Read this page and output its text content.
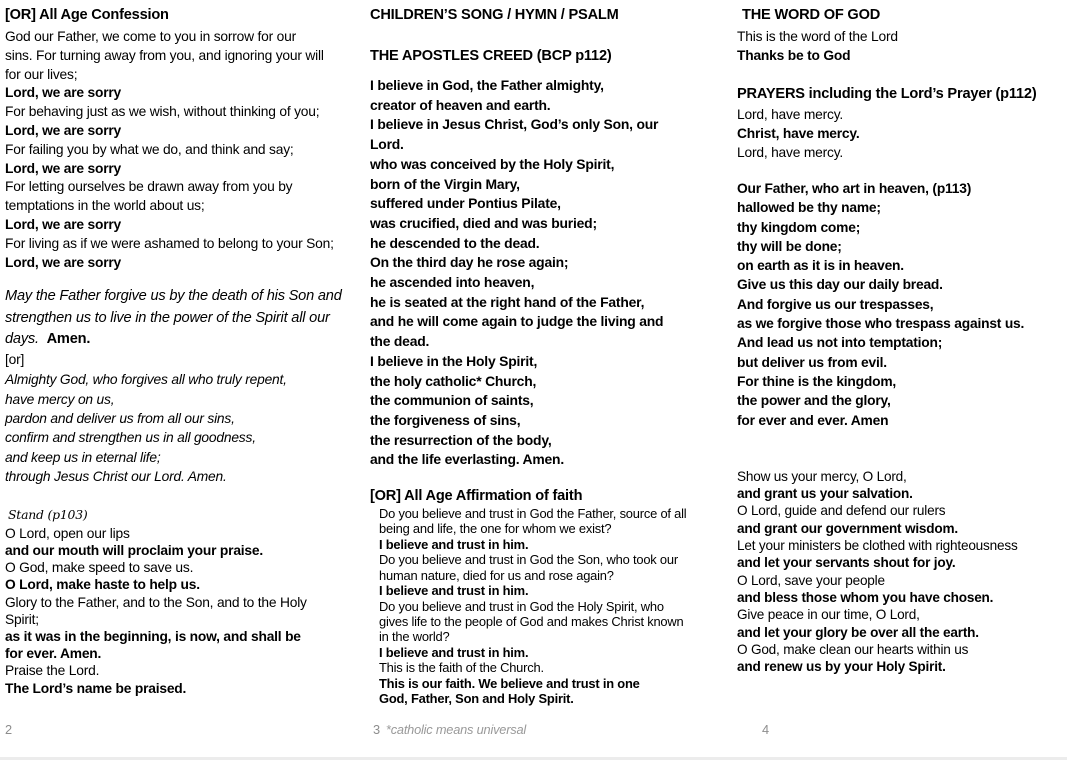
[OR] All Age Confession
God our Father, we come to you in sorrow for our
sins. For turning away from you, and ignoring your will
for our lives;
Lord, we are sorry
For behaving just as we wish, without thinking of you;
Lord, we are sorry
For failing you by what we do, and think and say;
Lord, we are sorry
For letting ourselves be drawn away from you by
temptations in the world about us;
Lord, we are sorry
For living as if we were ashamed to belong to your Son;
Lord, we are sorry
May the Father forgive us by the death of his Son and
strengthen us to live in the power of the Spirit all our
days.  Amen.
[or]
Almighty God, who forgives all who truly repent,
have mercy on us,
pardon and deliver us from all our sins,
confirm and strengthen us in all goodness,
and keep us in eternal life;
through Jesus Christ our Lord. Amen.
Stand (p103)
O Lord, open our lips
and our mouth will proclaim your praise.
O God, make speed to save us.
O Lord, make haste to help us.
Glory to the Father, and to the Son, and to the Holy
Spirit;
as it was in the beginning, is now, and shall be
for ever. Amen.
Praise the Lord.
The Lord’s name be praised.
CHILDREN’S SONG / HYMN / PSALM
THE APOSTLES CREED (BCP p112)
I believe in God, the Father almighty,
creator of heaven and earth.
I believe in Jesus Christ, God’s only Son, our
Lord.
who was conceived by the Holy Spirit,
born of the Virgin Mary,
suffered under Pontius Pilate,
was crucified, died and was buried;
he descended to the dead.
On the third day he rose again;
he ascended into heaven,
he is seated at the right hand of the Father,
and he will come again to judge the living and
the dead.
I believe in the Holy Spirit,
the holy catholic* Church,
the communion of saints,
the forgiveness of sins,
the resurrection of the body,
and the life everlasting. Amen.
[OR] All Age Affirmation of faith
Do you believe and trust in God the Father, source of all
being and life, the one for whom we exist?
I believe and trust in him.
Do you believe and trust in God the Son, who took our
human nature, died for us and rose again?
I believe and trust in him.
Do you believe and trust in God the Holy Spirit, who
gives life to the people of God and makes Christ known
in the world?
I believe and trust in him.
This is the faith of the Church.
This is our faith. We believe and trust in one
God, Father, Son and Holy Spirit.
THE WORD OF GOD
This is the word of the Lord
Thanks be to God
PRAYERS including the Lord’s Prayer (p112)
Lord, have mercy.
Christ, have mercy.
Lord, have mercy.
Our Father, who art in heaven, (p113)
hallowed be thy name;
thy kingdom come;
thy will be done;
on earth as it is in heaven.
Give us this day our daily bread.
And forgive us our trespasses,
as we forgive those who trespass against us.
And lead us not into temptation;
but deliver us from evil.
For thine is the kingdom,
the power and the glory,
for ever and ever. Amen
Show us your mercy, O Lord,
and grant us your salvation.
O Lord, guide and defend our rulers
and grant our government wisdom.
Let your ministers be clothed with righteousness
and let your servants shout for joy.
O Lord, save your people
and bless those whom you have chosen.
Give peace in our time, O Lord,
and let your glory be over all the earth.
O God, make clean our hearts within us
and renew us by your Holy Spirit.
2	3 *catholic means universal	4
